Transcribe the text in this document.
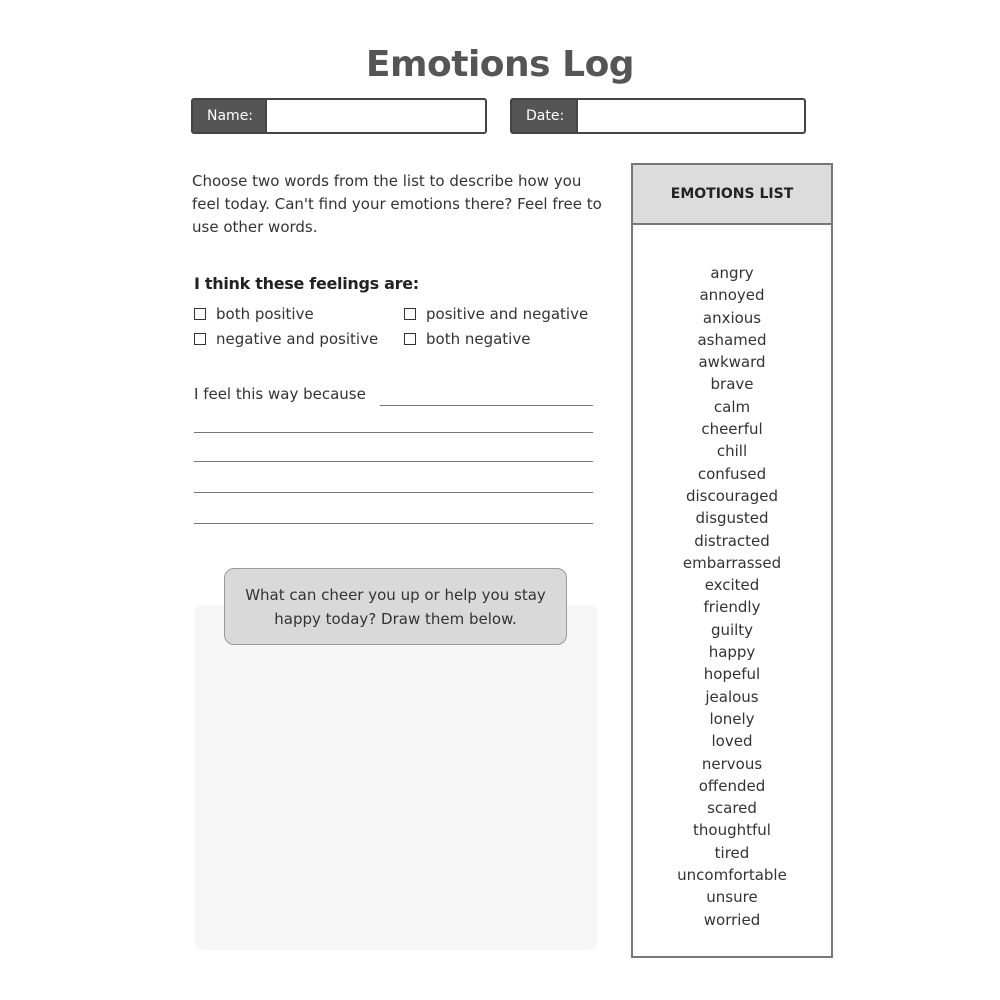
Emotions Log
Name:	Date:
Choose two words from the list to describe how you feel today. Can't find your emotions there? Feel free to use other words.
I think these feelings are:
both positive	positive and negative
negative and positive	both negative
I feel this way because
What can cheer you up or help you stay happy today? Draw them below.
EMOTIONS LIST
angry
annoyed
anxious
ashamed
awkward
brave
calm
cheerful
chill
confused
discouraged
disgusted
distracted
embarrassed
excited
friendly
guilty
happy
hopeful
jealous
lonely
loved
nervous
offended
scared
thoughtful
tired
uncomfortable
unsure
worried
